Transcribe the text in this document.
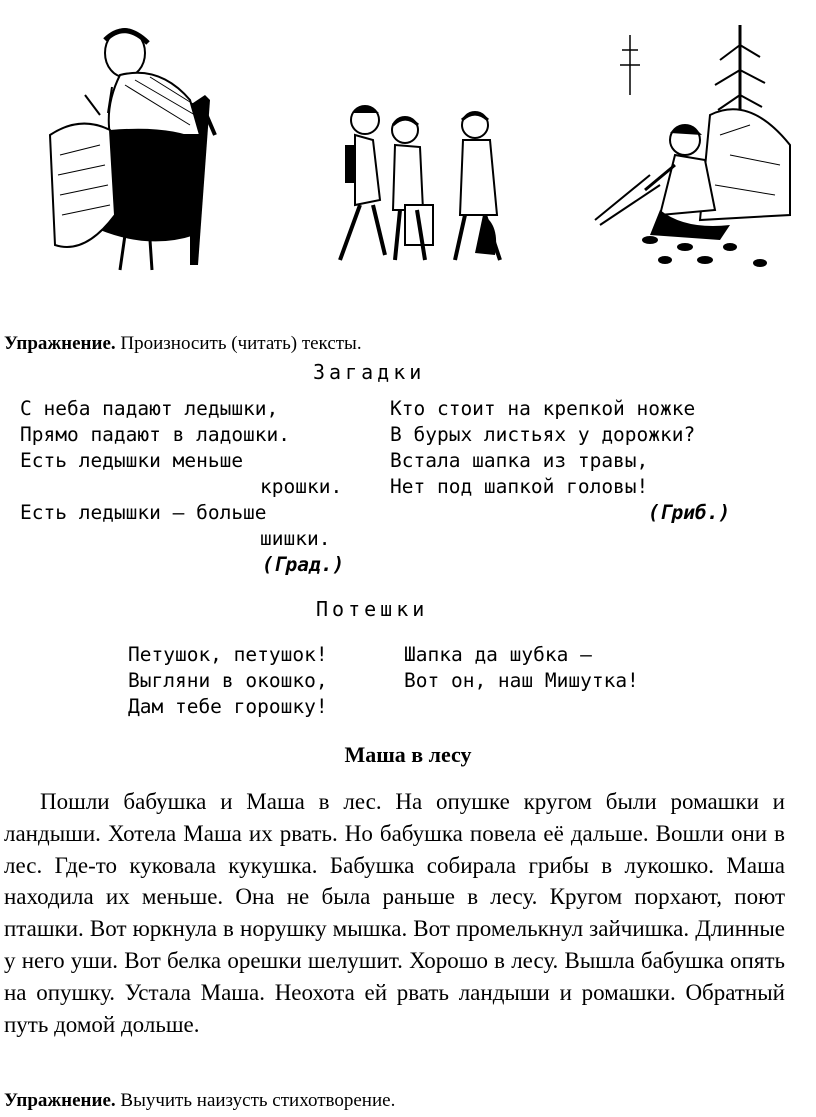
Упражнение. Произносить (читать) тексты.
Загадки
С неба падают ледышки,
Прямо падают в ладошки.
Есть ледышки меньше
крошки.
Есть ледышки — больше
шишки.
(Град.)
Кто стоит на крепкой ножке
В бурых листьях у дорожки?
Встала шапка из травы,
Нет под шапкой головы!
(Гриб.)
Потешки
Петушок, петушок!
Выгляни в окошко,
Дам тебе горошку!
Шапка да шубка —
Вот он, наш Мишутка!
Маша в лесу
Пошли бабушка и Маша в лес. На опушке кругом были ромашки и ландыши. Хотела Маша их рвать. Но бабушка повела её дальше. Вошли они в лес. Где-то куковала кукушка. Бабушка собирала грибы в лукошко. Маша находила их меньше. Она не была раньше в лесу. Кругом порхают, поют пташки. Вот юркнула в норушку мышка. Вот промелькнул зайчишка. Длинные у него уши. Вот белка орешки шелушит. Хорошо в лесу. Вышла бабушка опять на опушку. Устала Маша. Неохота ей рвать ландыши и ромашки. Обратный путь домой дольше.
Упражнение. Выучить наизусть стихотворение.
